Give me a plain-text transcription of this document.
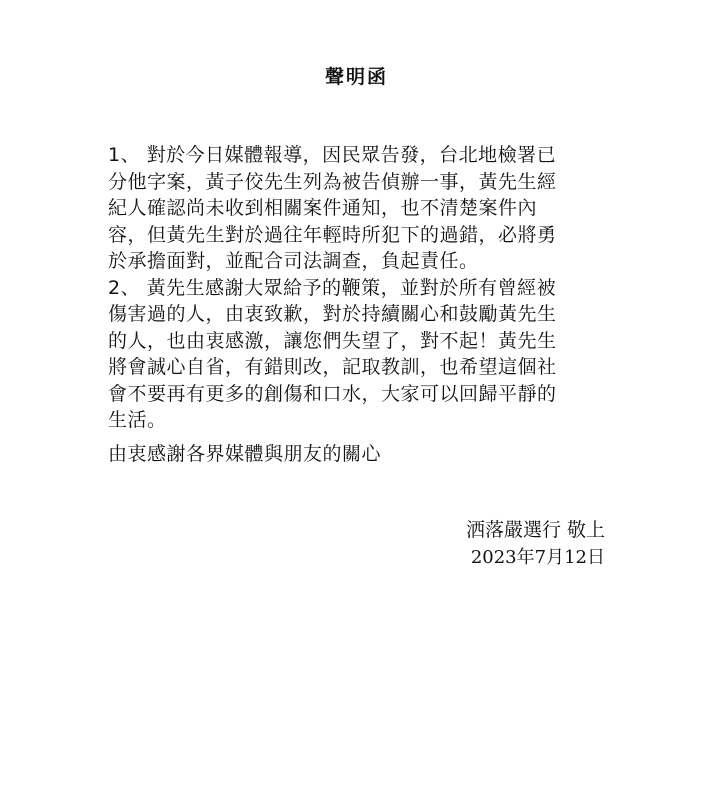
聲明函
1、 對於今日媒體報導，因民眾告發，台北地檢署已
分他字案，黃子佼先生列為被告偵辦一事，黃先生經
紀人確認尚未收到相關案件通知，也不清楚案件內
容，但黃先生對於過往年輕時所犯下的過錯，必將勇
於承擔面對，並配合司法調查，負起責任。
2、 黃先生感謝大眾給予的鞭策，並對於所有曾經被
傷害過的人，由衷致歉，對於持續關心和鼓勵黃先生
的人，也由衷感激，讓您們失望了，對不起！黃先生
將會誠心自省，有錯則改，記取教訓，也希望這個社
會不要再有更多的創傷和口水，大家可以回歸平靜的
生活。
由衷感謝各界媒體與朋友的關心
洒落嚴選行 敬上
2023年7月12日
